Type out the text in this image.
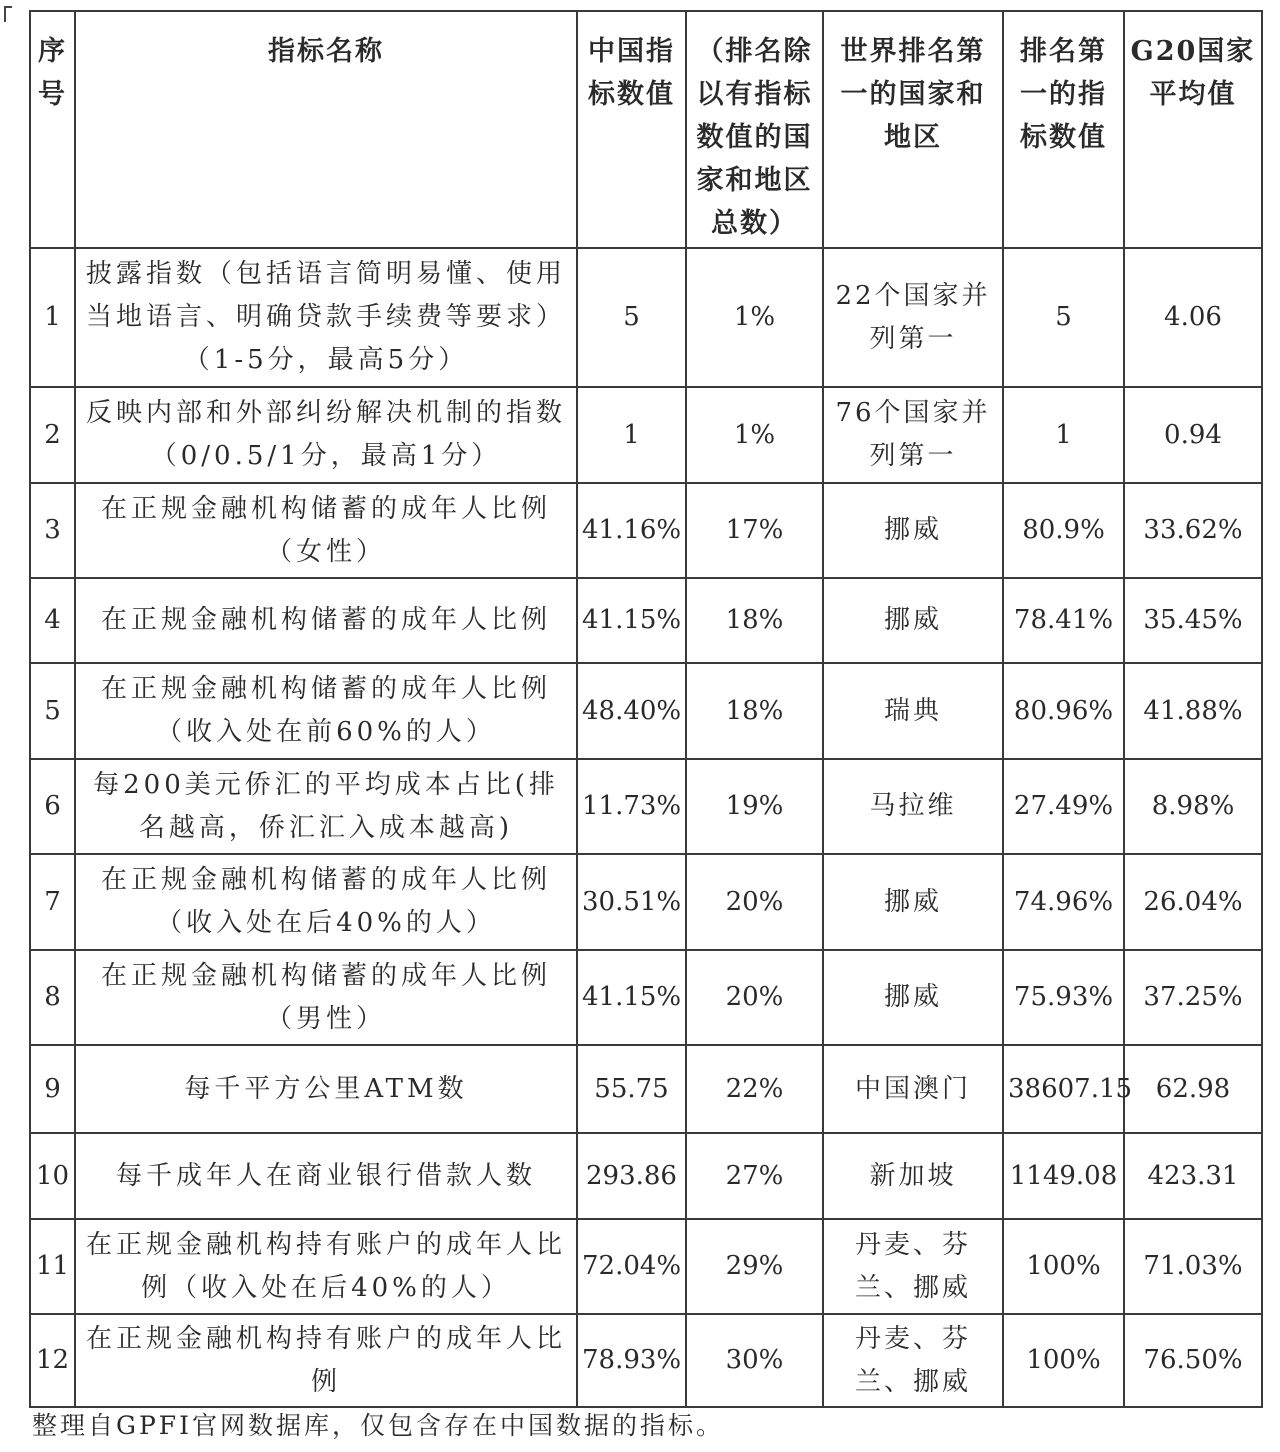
序号	指标名称	中国指标数值	（排名除以有指标数值的国家和地区总数）	世界排名第一的国家和地区	排名第一的指标数值	G20国家平均值
1	披露指数（包括语言简明易懂、使用当地语言、明确贷款手续费等要求）（1-5分，最高5分）	5	1%	22个国家并列第一	5	4.06
2	反映内部和外部纠纷解决机制的指数（0/0.5/1分，最高1分）	1	1%	76个国家并列第一	1	0.94
3	在正规金融机构储蓄的成年人比例（女性）	41.16%	17%	挪威	80.9%	33.62%
4	在正规金融机构储蓄的成年人比例	41.15%	18%	挪威	78.41%	35.45%
5	在正规金融机构储蓄的成年人比例（收入处在前60%的人）	48.40%	18%	瑞典	80.96%	41.88%
6	每200美元侨汇的平均成本占比(排名越高，侨汇汇入成本越高)	11.73%	19%	马拉维	27.49%	8.98%
7	在正规金融机构储蓄的成年人比例（收入处在后40%的人）	30.51%	20%	挪威	74.96%	26.04%
8	在正规金融机构储蓄的成年人比例（男性）	41.15%	20%	挪威	75.93%	37.25%
9	每千平方公里ATM数	55.75	22%	中国澳门	38607.15	62.98
10	每千成年人在商业银行借款人数	293.86	27%	新加坡	1149.08	423.31
11	在正规金融机构持有账户的成年人比例（收入处在后40%的人）	72.04%	29%	丹麦、芬兰、挪威	100%	71.03%
12	在正规金融机构持有账户的成年人比例	78.93%	30%	丹麦、芬兰、挪威	100%	76.50%
整理自GPFI官网数据库，仅包含存在中国数据的指标。
